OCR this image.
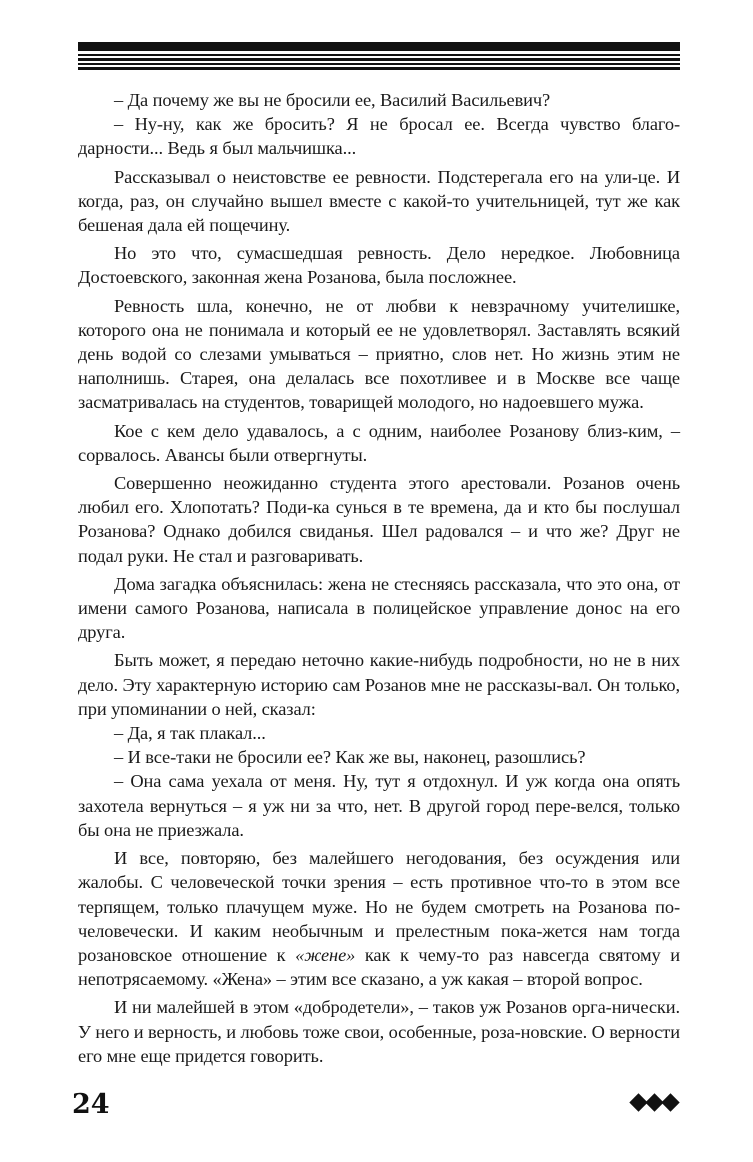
– Да почему же вы не бросили ее, Василий Васильевич?

– Ну-ну, как же бросить? Я не бросал ее. Всегда чувство благо-дарности... Ведь я был мальчишка...

Рассказывал о неистовстве ее ревности. Подстерегала его на ули-це. И когда, раз, он случайно вышел вместе с какой-то учительницей, тут же как бешеная дала ей пощечину.

Но это что, сумасшедшая ревность. Дело нередкое. Любовница Достоевского, законная жена Розанова, была посложнее.

Ревность шла, конечно, не от любви к невзрачному учителишке, которого она не понимала и который ее не удовлетворял. Заставлять всякий день водой со слезами умываться – приятно, слов нет. Но жизнь этим не наполнишь. Старея, она делалась все похотливее и в Москве все чаще засматривалась на студентов, товарищей молодого, но надоевшего мужа.

Кое с кем дело удавалось, а с одним, наиболее Розанову близ-ким, – сорвалось. Авансы были отвергнуты.

Совершенно неожиданно студента этого арестовали. Розанов очень любил его. Хлопотать? Поди-ка сунься в те времена, да и кто бы послушал Розанова? Однако добился свиданья. Шел радовался – и что же? Друг не подал руки. Не стал и разговаривать.

Дома загадка объяснилась: жена не стесняясь рассказала, что это она, от имени самого Розанова, написала в полицейское управление донос на его друга.

Быть может, я передаю неточно какие-нибудь подробности, но не в них дело. Эту характерную историю сам Розанов мне не рассказы-вал. Он только, при упоминании о ней, сказал:

– Да, я так плакал...

– И все-таки не бросили ее? Как же вы, наконец, разошлись?

– Она сама уехала от меня. Ну, тут я отдохнул. И уж когда она опять захотела вернуться – я уж ни за что, нет. В другой город пере-велся, только бы она не приезжала.

И все, повторяю, без малейшего негодования, без осуждения или жалобы. С человеческой точки зрения – есть противное что-то в этом все терпящем, только плачущем муже. Но не будем смотреть на Розанова по-человечески. И каким необычным и прелестным пока-жется нам тогда розановское отношение к «жене» как к чему-то раз навсегда святому и непотрясаемому. «Жена» – этим все сказано, а уж какая – второй вопрос.

И ни малейшей в этом «добродетели», – таков уж Розанов орга-нически. У него и верность, и любовь тоже свои, особенные, роза-новские. О верности его мне еще придется говорить.

24
